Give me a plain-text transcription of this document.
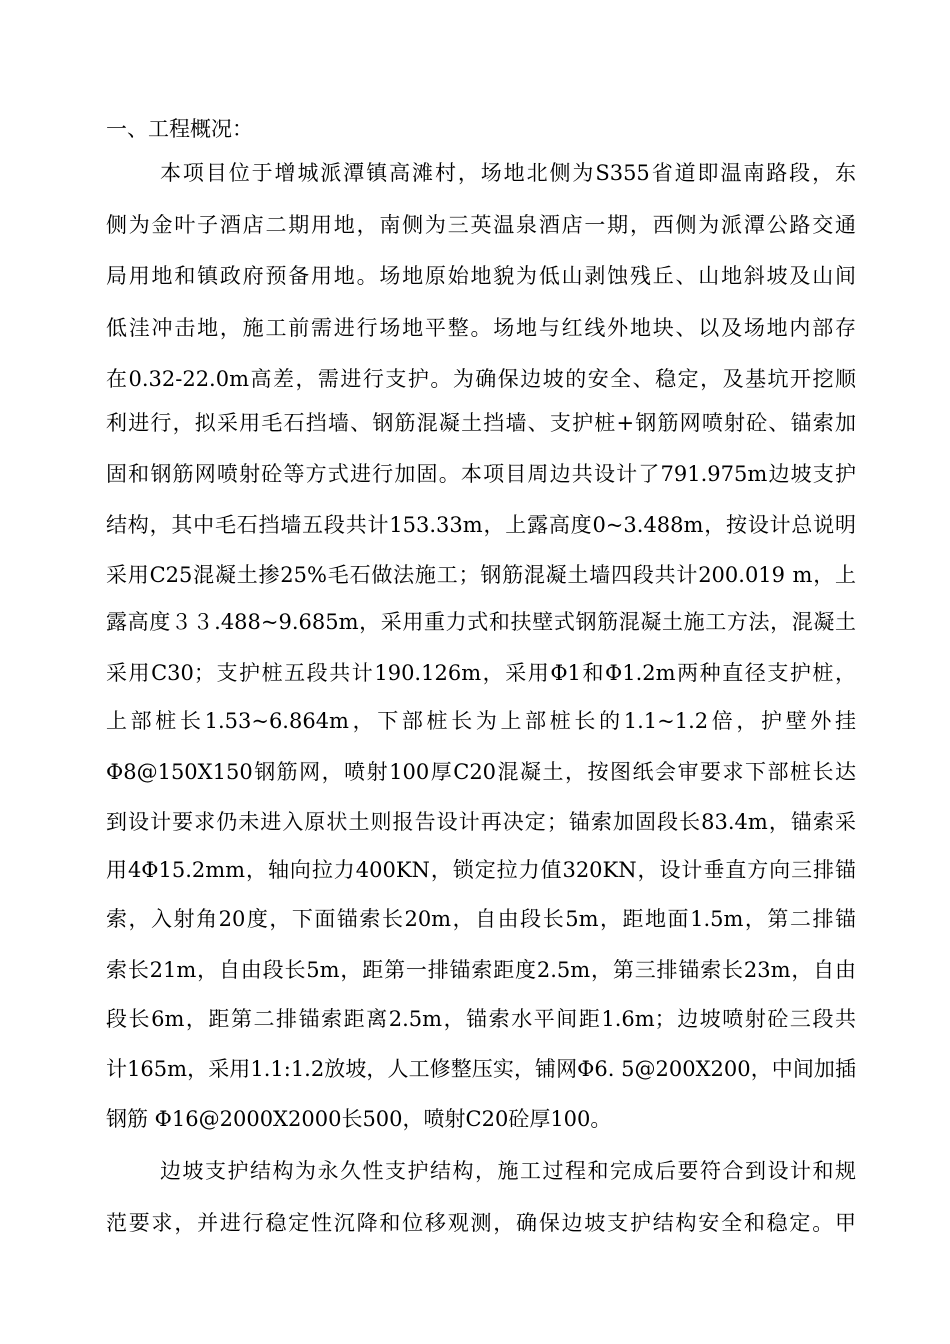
一、工程概况：
本项目位于增城派潭镇高滩村，场地北侧为S355省道即温南路段，东
侧为金叶子酒店二期用地，南侧为三英温泉酒店一期，西侧为派潭公路交通
局用地和镇政府预备用地。场地原始地貌为低山剥蚀残丘、山地斜坡及山间
低洼冲击地，施工前需进行场地平整。场地与红线外地块、以及场地内部存
在0.32-22.0m高差，需进行支护。为确保边坡的安全、稳定，及基坑开挖顺
利进行，拟采用毛石挡墙、钢筋混凝土挡墙、支护桩+钢筋网喷射砼、锚索加
固和钢筋网喷射砼等方式进行加固。本项目周边共设计了791.975m边坡支护
结构，其中毛石挡墙五段共计153.33m，上露高度0~3.488m，按设计总说明
采用C25混凝土掺25%毛石做法施工；钢筋混凝土墙四段共计200.019 m，上
露高度３３.488~9.685m，采用重力式和扶壁式钢筋混凝土施工方法，混凝土
采用C30；支护桩五段共计190.126m，采用Φ1和Φ1.2m两种直径支护桩，
上部桩长1.53~6.864m，下部桩长为上部桩长的1.1~1.2倍，护壁外挂
Φ8@150X150钢筋网，喷射100厚C20混凝土，按图纸会审要求下部桩长达
到设计要求仍未进入原状土则报告设计再决定；锚索加固段长83.4m，锚索采
用4Φ15.2mm，轴向拉力400KN，锁定拉力值320KN，设计垂直方向三排锚
索，入射角20度，下面锚索长20m，自由段长5m，距地面1.5m，第二排锚
索长21m，自由段长5m，距第一排锚索距度2.5m，第三排锚索长23m，自由
段长6m，距第二排锚索距离2.5m，锚索水平间距1.6m；边坡喷射砼三段共
计165m，采用1.1:1.2放坡，人工修整压实，铺网Φ6. 5@200X200，中间加插
钢筋 Φ16@2000X2000长500，喷射C20砼厚100。
边坡支护结构为永久性支护结构，施工过程和完成后要符合到设计和规
范要求，并进行稳定性沉降和位移观测，确保边坡支护结构安全和稳定。甲
